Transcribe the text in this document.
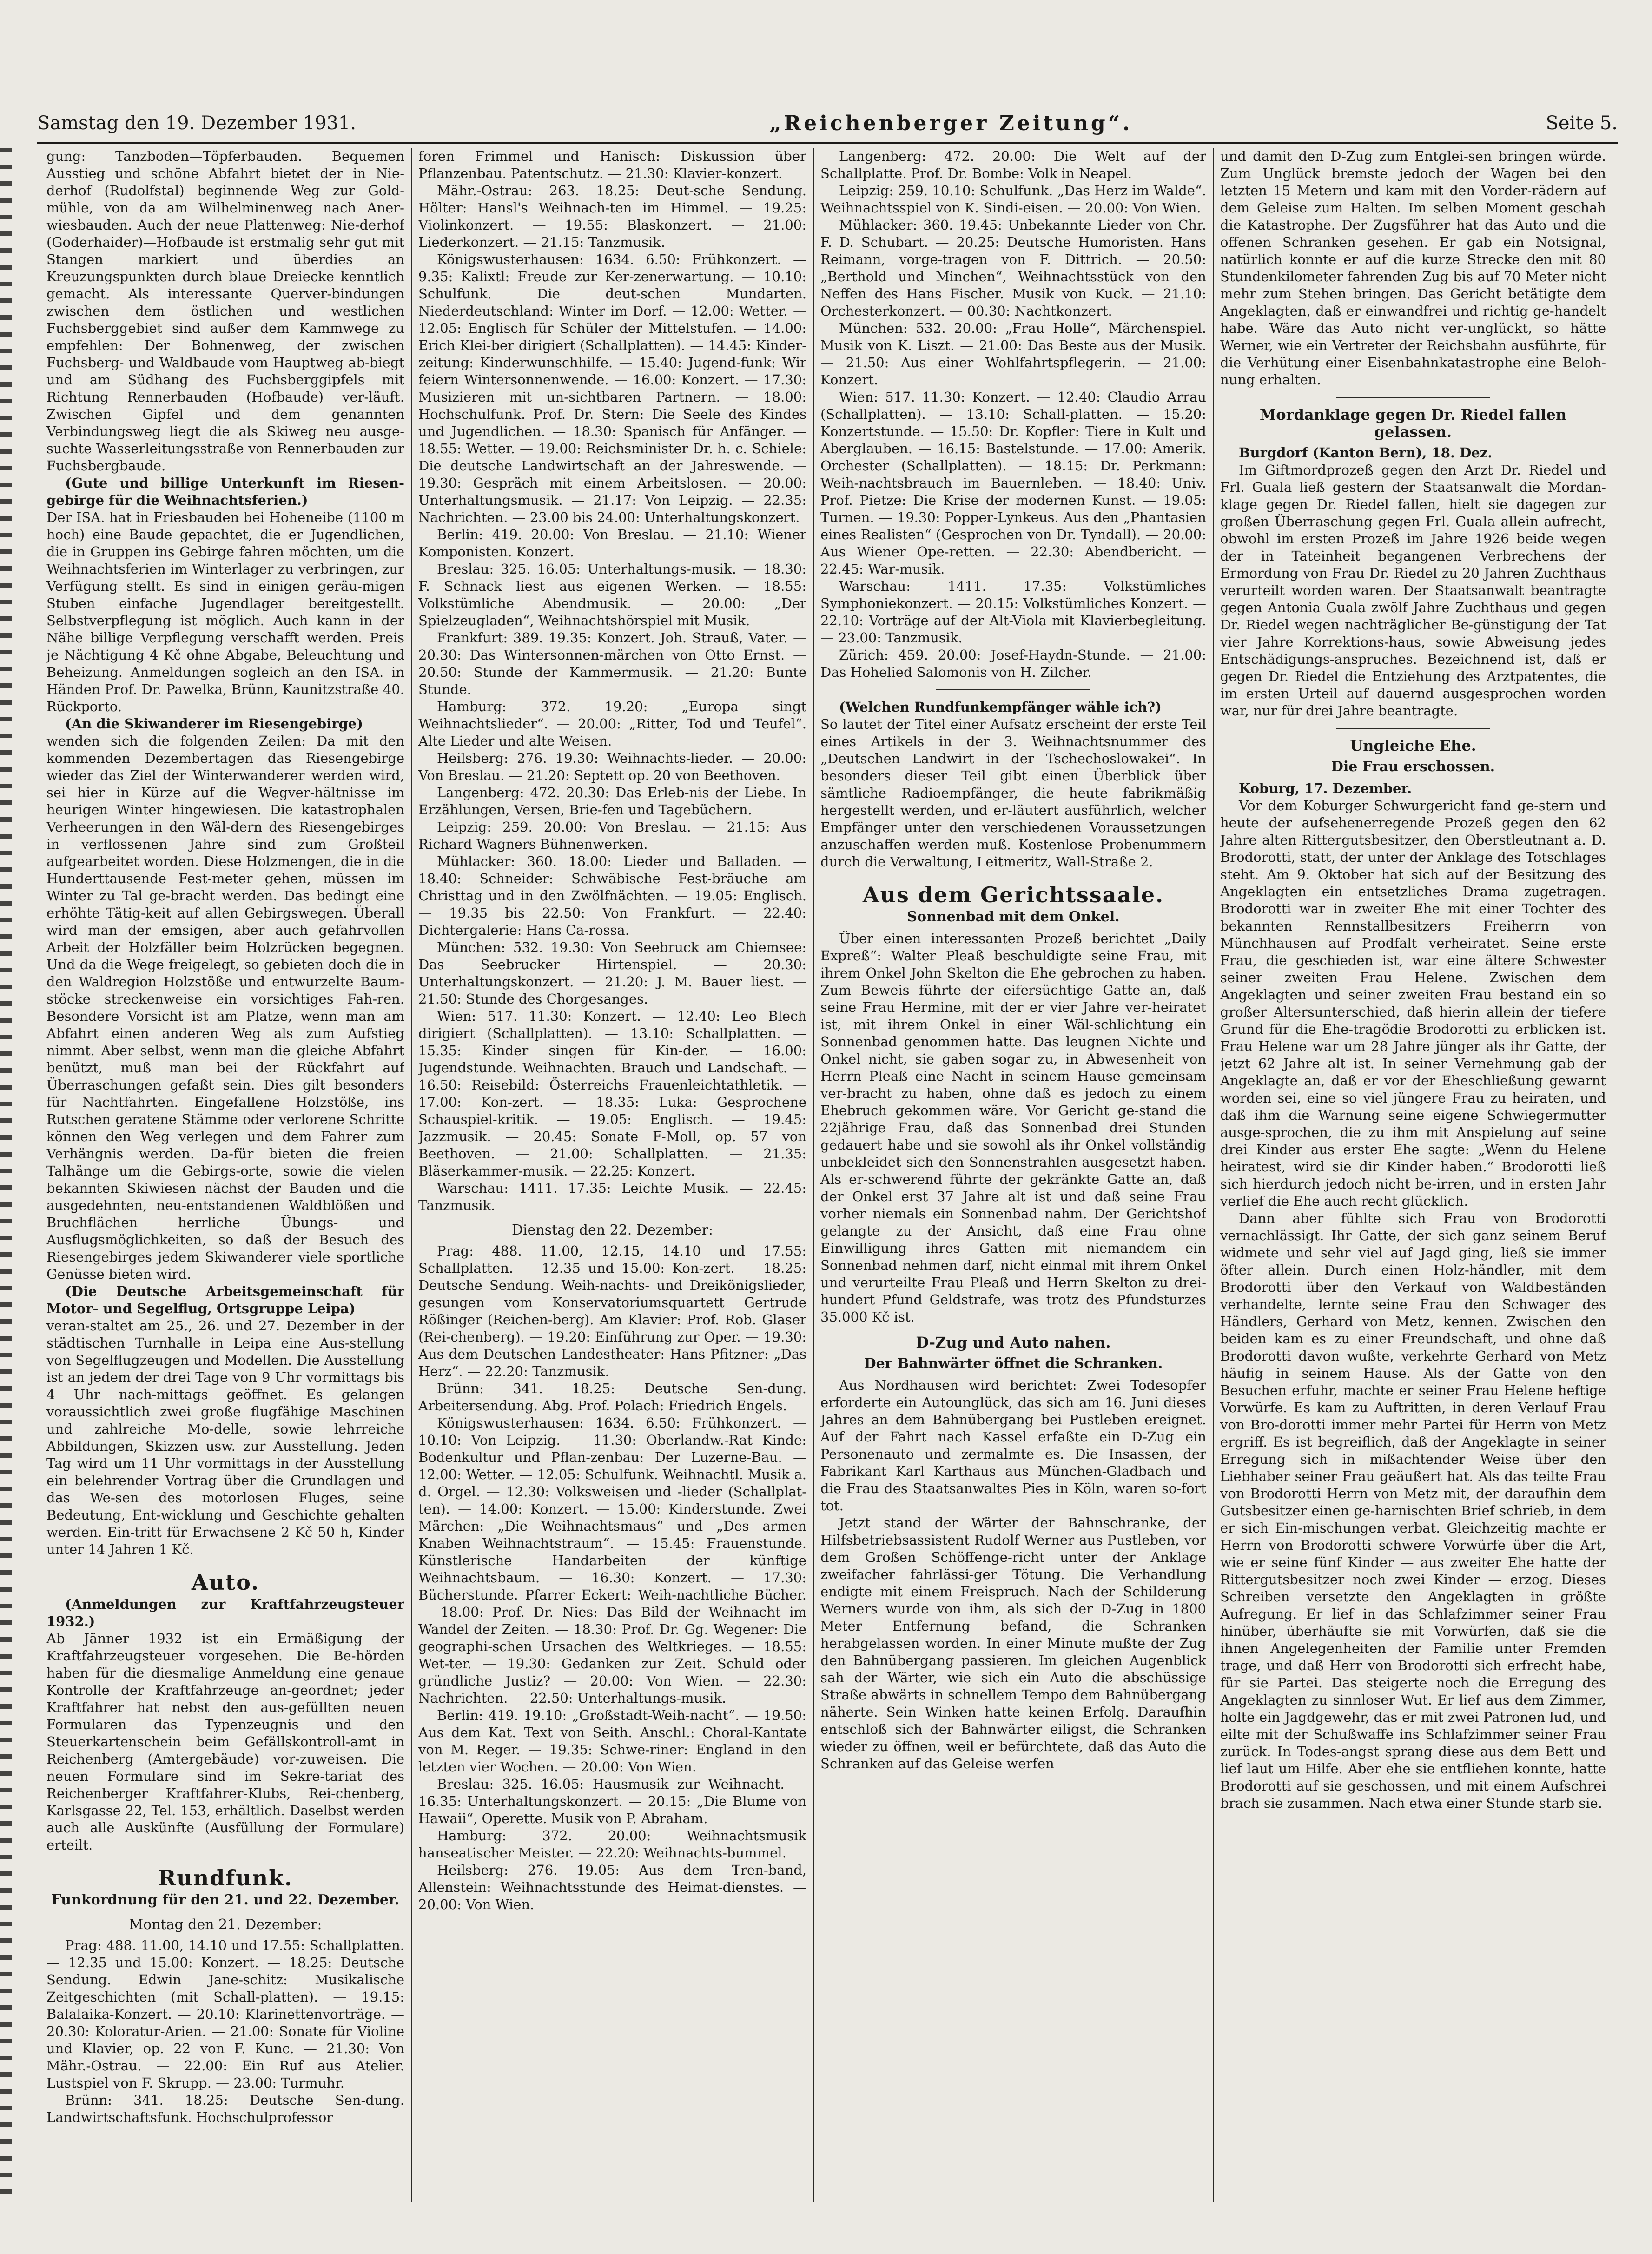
Samstag den 19. Dezember 1931.	„Reichenberger Zeitung“.	Seite 5.

gung: Tanzboden—Töpferbauden. Bequemen Ausstieg und schöne Abfahrt bietet der in Nie-derhof (Rudolfstal) beginnende Weg zur Gold-mühle, von da am Wilhelminenweg nach Aner-wiesbauden. Auch der neue Plattenweg: Nie-derhof (Goderhaider)—Hofbaude ist erstmalig sehr gut mit Stangen markiert und überdies an Kreuzungspunkten durch blaue Dreiecke kenntlich gemacht. Als interessante Querver-bindungen zwischen dem östlichen und westlichen Fuchsberggebiet sind außer dem Kammwege zu empfehlen: Der Bohnenweg, der zwischen Fuchsberg- und Waldbaude vom Hauptweg ab-biegt und am Südhang des Fuchsberggipfels mit Richtung Rennerbauden (Hofbaude) ver-läuft. Zwischen Gipfel und dem genannten Verbindungsweg liegt die als Skiweg neu ausge-suchte Wasserleitungsstraße von Rennerbauden zur Fuchsbergbaude.

(Gute und billige Unterkunft im Riesen-gebirge für die Weihnachtsferien.)

Der ISA. hat in Friesbauden bei Hoheneibe (1100 m hoch) eine Baude gepachtet, die er Jugendlichen, die in Gruppen ins Gebirge fahren möchten, um die Weihnachtsferien im Winterlager zu verbringen, zur Verfügung stellt. Es sind in einigen geräu-migen Stuben einfache Jugendlager bereitgestellt. Selbstverpflegung ist möglich. Auch kann in der Nähe billige Verpflegung verschafft werden. Preis je Nächtigung 4 Kč ohne Abgabe, Beleuchtung und Beheizung. Anmeldungen sogleich an den ISA. in Händen Prof. Dr. Pawelka, Brünn, Kaunitzstraße 40. Rückporto.

(An die Skiwanderer im Riesengebirge)

wenden sich die folgenden Zeilen: Da mit den kommenden Dezembertagen das Riesengebirge wieder das Ziel der Winterwanderer werden wird, sei hier in Kürze auf die Wegver-hältnisse im heurigen Winter hingewiesen. Die katastrophalen Verheerungen in den Wäl-dern des Riesengebirges in verflossenen Jahre sind zum Großteil aufgearbeitet worden. Diese Holzmengen, die in die Hunderttausende Fest-meter gehen, müssen im Winter zu Tal ge-bracht werden. Das bedingt eine erhöhte Tätig-keit auf allen Gebirgswegen. Überall wird man der emsigen, aber auch gefahrvollen Arbeit der Holzfäller beim Holzrücken begegnen. Und da die Wege freigelegt, so gebieten doch die in den Waldregion Holzstöße und entwurzelte Baum-stöcke streckenweise ein vorsichtiges Fah-ren. Besondere Vorsicht ist am Platze, wenn man am Abfahrt einen anderen Weg als zum Aufstieg nimmt. Aber selbst, wenn man die gleiche Abfahrt benützt, muß man bei der Rückfahrt auf Überraschungen gefaßt sein. Dies gilt besonders für Nachtfahrten. Eingefallene Holzstöße, ins Rutschen geratene Stämme oder verlorene Schritte können den Weg verlegen und dem Fahrer zum Verhängnis werden. Da-für bieten die freien Talhänge um die Gebirgs-orte, sowie die vielen bekannten Skiwiesen nächst der Bauden und die ausgedehnten, neu-entstandenen Waldblößen und Bruchflächen herrliche Übungs- und Ausflugsmöglichkeiten, so daß der Besuch des Riesengebirges jedem Skiwanderer viele sportliche Genüsse bieten wird.

(Die Deutsche Arbeitsgemeinschaft für Motor- und Segelflug, Ortsgruppe Leipa)

veran-staltet am 25., 26. und 27. Dezember in der städtischen Turnhalle in Leipa eine Aus-stellung von Segelflugzeugen und Modellen. Die Ausstellung ist an jedem der drei Tage von 9 Uhr vormittags bis 4 Uhr nach-mittags geöffnet. Es gelangen voraussichtlich zwei große flugfähige Maschinen und zahlreiche Mo-delle, sowie lehrreiche Abbildungen, Skizzen usw. zur Ausstellung. Jeden Tag wird um 11 Uhr vormittags in der Ausstellung ein belehrender Vortrag über die Grundlagen und das We-sen des motorlosen Fluges, seine Bedeutung, Ent-wicklung und Geschichte gehalten werden. Ein-tritt für Erwachsene 2 Kč 50 h, Kinder unter 14 Jahren 1 Kč.

Auto.

(Anmeldungen zur Kraftfahrzeugsteuer 1932.)

Ab Jänner 1932 ist ein Ermäßigung der Kraftfahrzeugsteuer vorgesehen. Die Be-hörden haben für die diesmalige Anmeldung eine genaue Kontrolle der Kraftfahrzeuge an-geordnet; jeder Kraftfahrer hat nebst den aus-gefüllten neuen Formularen das Typenzeugnis und den Steuerkartenschein beim Gefällskontroll-amt in Reichenberg (Amtergebäude) vor-zuweisen. Die neuen Formulare sind im Sekre-tariat des Reichenberger Kraftfahrer-Klubs, Rei-chenberg, Karlsgasse 22, Tel. 153, erhältlich. Daselbst werden auch alle Auskünfte (Ausfüllung der Formulare) erteilt.

Rundfunk.
Funkordnung für den 21. und 22. Dezember.
Montag den 21. Dezember:

Prag: 488. 11.00, 14.10 und 17.55: Schallplatten. — 12.35 und 15.00: Konzert. — 18.25: Deutsche Sendung. Edwin Jane-schitz: Musikalische Zeitgeschichten (mit Schall-platten). — 19.15: Balalaika-Konzert. — 20.10: Klarinettenvorträge. — 20.30: Koloratur-Arien. — 21.00: Sonate für Violine und Klavier, op. 22 von F. Kunc. — 21.30: Von Mähr.-Ostrau. — 22.00: Ein Ruf aus Atelier. Lustspiel von F. Skrupp. — 23.00: Turmuhr.

Brünn: 341. 18.25: Deutsche Sen-dung. Landwirtschaftsfunk. Hochschulprofessor

foren Frimmel und Hanisch: Diskussion über Pflanzenbau. Patentschutz. — 21.30: Klavier-konzert.

Mähr.-Ostrau: 263. 18.25: Deut-sche Sendung. Hölter: Hansl's Weihnach-ten im Himmel. — 19.25: Violinkonzert. — 19.55: Blaskonzert. — 21.00: Liederkonzert. — 21.15: Tanzmusik.

Königswusterhausen: 1634. 6.50: Frühkonzert. — 9.35: Kalixtl: Freude zur Ker-zenerwartung. — 10.10: Schulfunk. Die deut-schen Mundarten. Niederdeutschland: Winter im Dorf. — 12.00: Wetter. — 12.05: Englisch für Schüler der Mittelstufen. — 14.00: Erich Klei-ber dirigiert (Schallplatten). — 14.45: Kinder-zeitung: Kinderwunschhilfe. — 15.40: Jugend-funk: Wir feiern Wintersonnenwende. — 16.00: Konzert. — 17.30: Musizieren mit un-sichtbaren Partnern. — 18.00: Hochschulfunk. Prof. Dr. Stern: Die Seele des Kindes und Jugendlichen. — 18.30: Spanisch für Anfänger. — 18.55: Wetter. — 19.00: Reichsminister Dr. h. c. Schiele: Die deutsche Landwirtschaft an der Jahreswende. — 19.30: Gespräch mit einem Arbeitslosen. — 20.00: Unterhaltungsmusik. — 21.17: Von Leipzig. — 22.35: Nachrichten. — 23.00 bis 24.00: Unterhaltungskonzert.

Berlin: 419. 20.00: Von Breslau. — 21.10: Wiener Komponisten. Konzert.

Breslau: 325. 16.05: Unterhaltungs-musik. — 18.30: F. Schnack liest aus eigenen Werken. — 18.55: Volkstümliche Abendmusik. — 20.00: „Der Spielzeugladen“, Weihnachtshörspiel mit Musik.

Frankfurt: 389. 19.35: Konzert. Joh. Strauß, Vater. — 20.30: Das Wintersonnen-märchen von Otto Ernst. — 20.50: Stunde der Kammermusik. — 21.20: Bunte Stunde.

Hamburg: 372. 19.20: „Europa singt Weihnachtslieder“. — 20.00: „Ritter, Tod und Teufel“. Alte Lieder und alte Weisen.

Heilsberg: 276. 19.30: Weihnachts-lieder. — 20.00: Von Breslau. — 21.20: Septett op. 20 von Beethoven.

Langenberg: 472. 20.30: Das Erleb-nis der Liebe. In Erzählungen, Versen, Brie-fen und Tagebüchern.

Leipzig: 259. 20.00: Von Breslau. — 21.15: Aus Richard Wagners Bühnenwerken.

Mühlacker: 360. 18.00: Lieder und Balladen. — 18.40: Schneider: Schwäbische Fest-bräuche am Christtag und in den Zwölfnächten. — 19.05: Englisch. — 19.35 bis 22.50: Von Frankfurt. — 22.40: Dichtergalerie: Hans Ca-rossa.

München: 532. 19.30: Von Seebruck am Chiemsee: Das Seebrucker Hirtenspiel. — 20.30: Unterhaltungskonzert. — 21.20: J. M. Bauer liest. — 21.50: Stunde des Chorgesanges.

Wien: 517. 11.30: Konzert. — 12.40: Leo Blech dirigiert (Schallplatten). — 13.10: Schallplatten. — 15.35: Kinder singen für Kin-der. — 16.00: Jugendstunde. Weihnachten. Brauch und Landschaft. — 16.50: Reisebild: Österreichs Frauenleichtathletik. — 17.00: Kon-zert. — 18.35: Luka: Gesprochene Schauspiel-kritik. — 19.05: Englisch. — 19.45: Jazzmusik. — 20.45: Sonate F-Moll, op. 57 von Beethoven. — 21.00: Schallplatten. — 21.35: Bläserkammer-musik. — 22.25: Konzert.

Warschau: 1411. 17.35: Leichte Musik. — 22.45: Tanzmusik.

Dienstag den 22. Dezember:

Prag: 488. 11.00, 12.15, 14.10 und 17.55: Schallplatten. — 12.35 und 15.00: Kon-zert. — 18.25: Deutsche Sendung. Weih-nachts- und Dreikönigslieder, gesungen vom Konservatoriumsquartett Gertrude Rößinger (Reichen-berg). Am Klavier: Prof. Rob. Glaser (Rei-chenberg). — 19.20: Einführung zur Oper. — 19.30: Aus dem Deutschen Landestheater: Hans Pfitzner: „Das Herz“. — 22.20: Tanzmusik.

Brünn: 341. 18.25: Deutsche Sen-dung. Arbeitersendung. Abg. Prof. Polach: Friedrich Engels.

Königswusterhausen: 1634. 6.50: Frühkonzert. — 10.10: Von Leipzig. — 11.30: Oberlandw.-Rat Kinde: Bodenkultur und Pflan-zenbau: Der Luzerne-Bau. — 12.00: Wetter. — 12.05: Schulfunk. Weihnachtl. Musik a. d. Orgel. — 12.30: Volksweisen und -lieder (Schallplat-ten). — 14.00: Konzert. — 15.00: Kinderstunde. Zwei Märchen: „Die Weihnachtsmaus“ und „Des armen Knaben Weihnachtstraum“. — 15.45: Frauenstunde. Künstlerische Handarbeiten der künftige Weihnachtsbaum. — 16.30: Konzert. — 17.30: Bücherstunde. Pfarrer Eckert: Weih-nachtliche Bücher. — 18.00: Prof. Dr. Nies: Das Bild der Weihnacht im Wandel der Zeiten. — 18.30: Prof. Dr. Gg. Wegener: Die geographi-schen Ursachen des Weltkrieges. — 18.55: Wet-ter. — 19.30: Gedanken zur Zeit. Schuld oder gründliche Justiz? — 20.00: Von Wien. — 22.30: Nachrichten. — 22.50: Unterhaltungs-musik.

Berlin: 419. 19.10: „Großstadt-Weih-nacht“. — 19.50: Aus dem Kat. Text von Seith. Anschl.: Choral-Kantate von M. Reger. — 19.35: Schwe-riner: England in den letzten vier Wochen. — 20.00: Von Wien.

Breslau: 325. 16.05: Hausmusik zur Weihnacht. — 16.35: Unterhaltungskonzert. — 20.15: „Die Blume von Hawaii“, Operette. Musik von P. Abraham.

Hamburg: 372. 20.00: Weihnachtsmusik hanseatischer Meister. — 22.20: Weihnachts-bummel.

Heilsberg: 276. 19.05: Aus dem Tren-band, Allenstein: Weihnachtsstunde des Heimat-dienstes. — 20.00: Von Wien.

Langenberg: 472. 20.00: Die Welt auf der Schallplatte. Prof. Dr. Bombe: Volk in Neapel.

Leipzig: 259. 10.10: Schulfunk. „Das Herz im Walde“. Weihnachtsspiel von K. Sindi-eisen. — 20.00: Von Wien.

Mühlacker: 360. 19.45: Unbekannte Lieder von Chr. F. D. Schubart. — 20.25: Deutsche Humoristen. Hans Reimann, vorge-tragen von F. Dittrich. — 20.50: „Berthold und Minchen“, Weihnachtsstück von den Neffen des Hans Fischer. Musik von Kuck. — 21.10: Orchesterkonzert. — 00.30: Nachtkonzert.

München: 532. 20.00: „Frau Holle“, Märchenspiel. Musik von K. Liszt. — 21.00: Das Beste aus der Musik. — 21.50: Aus einer Wohlfahrtspflegerin. — 21.00: Konzert.

Wien: 517. 11.30: Konzert. — 12.40: Claudio Arrau (Schallplatten). — 13.10: Schall-platten. — 15.20: Konzertstunde. — 15.50: Dr. Kopfler: Tiere in Kult und Aberglauben. — 16.15: Bastelstunde. — 17.00: Amerik. Orchester (Schallplatten). — 18.15: Dr. Perkmann: Weih-nachtsbrauch im Bauernleben. — 18.40: Univ. Prof. Pietze: Die Krise der modernen Kunst. — 19.05: Turnen. — 19.30: Popper-Lynkeus. Aus den „Phantasien eines Realisten“ (Gesprochen von Dr. Tyndall). — 20.00: Aus Wiener Ope-retten. — 22.30: Abendbericht. — 22.45: War-musik.

Warschau: 1411. 17.35: Volkstümliches Symphoniekonzert. — 20.15: Volkstümliches Konzert. — 22.10: Vorträge auf der Alt-Viola mit Klavierbegleitung. — 23.00: Tanzmusik.

Zürich: 459. 20.00: Josef-Haydn-Stunde. — 21.00: Das Hohelied Salomonis von H. Zilcher.

(Welchen Rundfunkempfänger wähle ich?)

So lautet der Titel einer Aufsatz erscheint der erste Teil eines Artikels in der 3. Weihnachtsnummer des „Deutschen Landwirt in der Tschechoslowakei“. In besonders dieser Teil gibt einen Überblick über sämtliche Radioempfänger, die heute fabrikmäßig hergestellt werden, und er-läutert ausführlich, welcher Empfänger unter den verschiedenen Voraussetzungen anzuschaffen werden muß. Kostenlose Probenummern durch die Verwaltung, Leitmeritz, Wall-Straße 2.

Aus dem Gerichtssaale.
Sonnenbad mit dem Onkel.

Über einen interessanten Prozeß berichtet „Daily Expreß“: Walter Pleaß beschuldigte seine Frau, mit ihrem Onkel John Skelton die Ehe gebrochen zu haben. Zum Beweis führte der eifersüchtige Gatte an, daß seine Frau Hermine, mit der er vier Jahre ver-heiratet ist, mit ihrem Onkel in einer Wäl-schlichtung ein Sonnenbad genommen hatte. Das leugnen Nichte und Onkel nicht, sie gaben sogar zu, in Abwesenheit von Herrn Pleaß eine Nacht in seinem Hause gemeinsam ver-bracht zu haben, ohne daß es jedoch zu einem Ehebruch gekommen wäre. Vor Gericht ge-stand die 22jährige Frau, daß das Sonnenbad drei Stunden gedauert habe und sie sowohl als ihr Onkel vollständig unbekleidet sich den Sonnenstrahlen ausgesetzt haben. Als er-schwerend führte der gekränkte Gatte an, daß der Onkel erst 37 Jahre alt ist und daß seine Frau vorher niemals ein Sonnenbad nahm. Der Gerichtshof gelangte zu der Ansicht, daß eine Frau ohne Einwilligung ihres Gatten mit niemandem ein Sonnenbad nehmen darf, nicht einmal mit ihrem Onkel und verurteilte Frau Pleaß und Herrn Skelton zu drei-hundert Pfund Geldstrafe, was trotz des Pfundsturzes 35.000 Kč ist.

D-Zug und Auto nahen.
Der Bahnwärter öffnet die Schranken.

Aus Nordhausen wird berichtet: Zwei Todesopfer erforderte ein Autounglück, das sich am 16. Juni dieses Jahres an dem Bahnübergang bei Pustleben ereignet. Auf der Fahrt nach Kassel erfaßte ein D-Zug ein Personenauto und zermalmte es. Die Insassen, der Fabrikant Karl Karthaus aus München-Gladbach und die Frau des Staatsanwaltes Pies in Köln, waren so-fort tot.

Jetzt stand der Wärter der Bahnschranke, der Hilfsbetriebsassistent Rudolf Werner aus Pustleben, vor dem Großen Schöffenge-richt unter der Anklage zweifacher fahrlässi-ger Tötung. Die Verhandlung endigte mit einem Freispruch. Nach der Schilderung Werners wurde von ihm, als sich der D-Zug in 1800 Meter Entfernung befand, die Schranken herabgelassen worden. In einer Minute mußte der Zug den Bahnübergang passieren. Im gleichen Augenblick sah der Wärter, wie sich ein Auto die abschüssige Straße abwärts in schnellem Tempo dem Bahnübergang näherte. Sein Winken hatte keinen Erfolg. Daraufhin entschloß sich der Bahnwärter eiligst, die Schranken wieder zu öffnen, weil er befürchtete, daß das Auto die Schranken auf das Geleise werfen

und damit den D-Zug zum Entglei-sen bringen würde. Zum Unglück bremste jedoch der Wagen bei den letzten 15 Metern und kam mit den Vorder-rädern auf dem Geleise zum Halten. Im selben Moment geschah die Katastrophe. Der Zugsführer hat das Auto und die offenen Schranken gesehen. Er gab ein Notsignal, natürlich konnte er auf die kurze Strecke den mit 80 Stundenkilometer fahrenden Zug bis auf 70 Meter nicht mehr zum Stehen bringen. Das Gericht betätigte dem Angeklagten, daß er einwandfrei und richtig ge-handelt habe. Wäre das Auto nicht ver-unglückt, so hätte Werner, wie ein Vertreter der Reichsbahn ausführte, für die Verhütung einer Eisenbahnkatastrophe eine Beloh-nung erhalten.

Mordanklage gegen Dr. Riedel fallen gelassen.

Burgdorf (Kanton Bern), 18. Dez.

Im Giftmordprozeß gegen den Arzt Dr. Riedel und Frl. Guala ließ gestern der Staatsanwalt die Mordan-klage gegen Dr. Riedel fallen, hielt sie dagegen zur großen Überraschung gegen Frl. Guala allein aufrecht, obwohl im ersten Prozeß im Jahre 1926 beide wegen der in Tateinheit begangenen Verbrechens der Ermordung von Frau Dr. Riedel zu 20 Jahren Zuchthaus verurteilt worden waren. Der Staatsanwalt beantragte gegen Antonia Guala zwölf Jahre Zuchthaus und gegen Dr. Riedel wegen nachträglicher Be-günstigung der Tat vier Jahre Korrektions-haus, sowie Abweisung jedes Entschädigungs-anspruches. Bezeichnend ist, daß er gegen Dr. Riedel die Entziehung des Arztpatentes, die im ersten Urteil auf dauernd ausgesprochen worden war, nur für drei Jahre beantragte.

Ungleiche Ehe.
Die Frau erschossen.

Koburg, 17. Dezember.

Vor dem Koburger Schwurgericht fand ge-stern und heute der aufsehenerregende Prozeß gegen den 62 Jahre alten Rittergutsbesitzer, den Oberstleutnant a. D. Brodorotti, statt, der unter der Anklage des Totschlages steht. Am 9. Oktober hat sich auf der Besitzung des Angeklagten ein entsetzliches Drama zugetragen. Brodorotti war in zweiter Ehe mit einer Tochter des bekannten Rennstallbesitzers Freiherrn von Münchhausen auf Prodfalt verheiratet. Seine erste Frau, die geschieden ist, war eine ältere Schwester seiner zweiten Frau Helene. Zwischen dem Angeklagten und seiner zweiten Frau bestand ein so großer Altersunterschied, daß hierin allein der tiefere Grund für die Ehe-tragödie Brodorotti zu erblicken ist. Frau Helene war um 28 Jahre jünger als ihr Gatte, der jetzt 62 Jahre alt ist. In seiner Vernehmung gab der Angeklagte an, daß er vor der Eheschließung gewarnt worden sei, eine so viel jüngere Frau zu heiraten, und daß ihm die Warnung seine eigene Schwiegermutter ausge-sprochen, die zu ihm mit Anspielung auf seine drei Kinder aus erster Ehe sagte: „Wenn du Helene heiratest, wird sie dir Kinder haben.“ Brodorotti ließ sich hierdurch jedoch nicht be-irren, und in ersten Jahr verlief die Ehe auch recht glücklich.

Dann aber fühlte sich Frau von Brodorotti vernachlässigt. Ihr Gatte, der sich ganz seinem Beruf widmete und sehr viel auf Jagd ging, ließ sie immer öfter allein. Durch einen Holz-händler, mit dem Brodorotti über den Verkauf von Waldbeständen verhandelte, lernte seine Frau den Schwager des Händlers, Gerhard von Metz, kennen. Zwischen den beiden kam es zu einer Freundschaft, und ohne daß Brodorotti davon wußte, verkehrte Gerhard von Metz häufig in seinem Hause. Als der Gatte von den Besuchen erfuhr, machte er seiner Frau Helene heftige Vorwürfe. Es kam zu Auftritten, in deren Verlauf Frau von Bro-dorotti immer mehr Partei für Herrn von Metz ergriff. Es ist begreiflich, daß der Angeklagte in seiner Erregung sich in mißachtender Weise über den Liebhaber seiner Frau geäußert hat. Als das teilte Frau von Brodorotti Herrn von Metz mit, der daraufhin dem Gutsbesitzer einen ge-harnischten Brief schrieb, in dem er sich Ein-mischungen verbat. Gleichzeitig machte er Herrn von Brodorotti schwere Vorwürfe über die Art, wie er seine fünf Kinder — aus zweiter Ehe hatte der Rittergutsbesitzer noch zwei Kinder — erzog. Dieses Schreiben versetzte den Angeklagten in größte Aufregung. Er lief in das Schlafzimmer seiner Frau hinüber, überhäufte sie mit Vorwürfen, daß sie die ihnen Angelegenheiten der Familie unter Fremden trage, und daß Herr von Brodorotti sich erfrecht habe, für sie Partei. Das steigerte noch die Erregung des Angeklagten zu sinnloser Wut. Er lief aus dem Zimmer, holte ein Jagdgewehr, das er mit zwei Patronen lud, und eilte mit der Schußwaffe ins Schlafzimmer seiner Frau zurück. In Todes-angst sprang diese aus dem Bett und lief laut um Hilfe. Aber ehe sie entfliehen konnte, hatte Brodorotti auf sie geschossen, und mit einem Aufschrei brach sie zusammen. Nach etwa einer Stunde starb sie.
